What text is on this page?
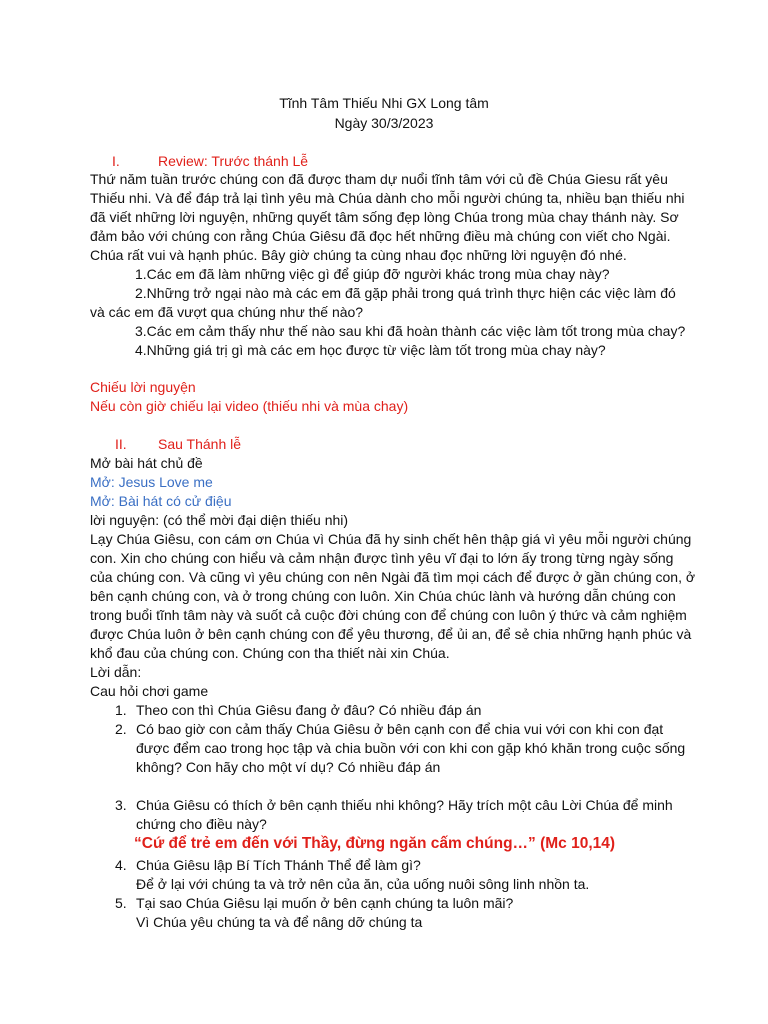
Tĩnh Tâm Thiếu Nhi GX Long tâm
Ngày 30/3/2023
I.	Review: Trước thánh Lễ
Thứ năm tuần trước chúng con đã được tham dự nuổi tĩnh tâm với củ đề Chúa Giesu rất yêu
Thiếu nhi. Và để đáp trả lại tình yêu mà Chúa dành cho mỗi người chúng ta, nhiều bạn thiếu nhi
đã viết những lời nguyện, những quyết tâm sống đẹp lòng Chúa trong mùa chay thánh này. Sơ
đảm bảo với chúng con rằng Chúa Giêsu đã đọc hết những điều mà chúng con viết cho Ngài.
Chúa rất vui và hạnh phúc. Bây giờ chúng ta cùng nhau đọc những lời nguyện đó nhé.
1.Các em đã làm những việc gì để giúp đỡ người khác trong mùa chay này?
2.Những trở ngại nào mà các em đã gặp phải trong quá trình thực hiện các việc làm đó
và các em đã vượt qua chúng như thế nào?
3.Các em cảm thấy như thế nào sau khi đã hoàn thành các việc làm tốt trong mùa chay?
4.Những giá trị gì mà các em học được từ việc làm tốt trong mùa chay này?
Chiếu lời nguyện
Nếu còn giờ chiếu lại video (thiếu nhi và mùa chay)
II. Sau Thánh lễ
Mở bài hát chủ đề
Mở: Jesus Love me
Mở: Bài hát có cử điệu
lời nguyện: (có thể mời đại diện thiếu nhi)
Lạy Chúa Giêsu, con cám ơn Chúa vì Chúa đã hy sinh chết hên thập giá vì yêu mỗi người chúng
con. Xin cho chúng con hiểu và cảm nhận được tình yêu vĩ đại to lớn ấy trong từng ngày sống
của chúng con. Và cũng vì yêu chúng con nên Ngài đã tìm mọi cách để được ở gần chúng con, ở
bên cạnh chúng con, và ở trong chúng con luôn. Xin Chúa chúc lành và hướng dẫn chúng con
trong buổi tĩnh tâm này và suốt cả cuộc đời chúng con để chúng con luôn ý thức và cảm nghiệm
được Chúa luôn ở bên cạnh chúng con để yêu thương, để ủi an, để sẻ chia những hạnh phúc và
khổ đau của chúng con. Chúng con tha thiết nài xin Chúa.
Lời dẫn:
Cau hỏi chơi game
1. Theo con thì Chúa Giêsu đang ở đâu? Có nhiều đáp án
2. Có bao giờ con cảm thấy Chúa Giêsu ở bên cạnh con để chia vui với con khi con đạt
được đểm cao trong học tập và chia buồn với con khi con gặp khó khăn trong cuộc sống
không? Con hãy cho một ví dụ? Có nhiều đáp án
3. Chúa Giêsu có thích ở bên cạnh thiếu nhi không? Hãy trích một câu Lời Chúa để minh
chứng cho điều này?
“Cứ để trẻ em đến với Thầy, đừng ngăn cấm chúng…” (Mc 10,14)
4. Chúa Giêsu lập Bí Tích Thánh Thể để làm gì?
Để ở lại với chúng ta và trở nên của ăn, của uống nuôi sông linh nhồn ta.
5. Tại sao Chúa Giêsu lại muốn ở bên cạnh chúng ta luôn mãi?
Vì Chúa yêu chúng ta và để nâng dỡ chúng ta
